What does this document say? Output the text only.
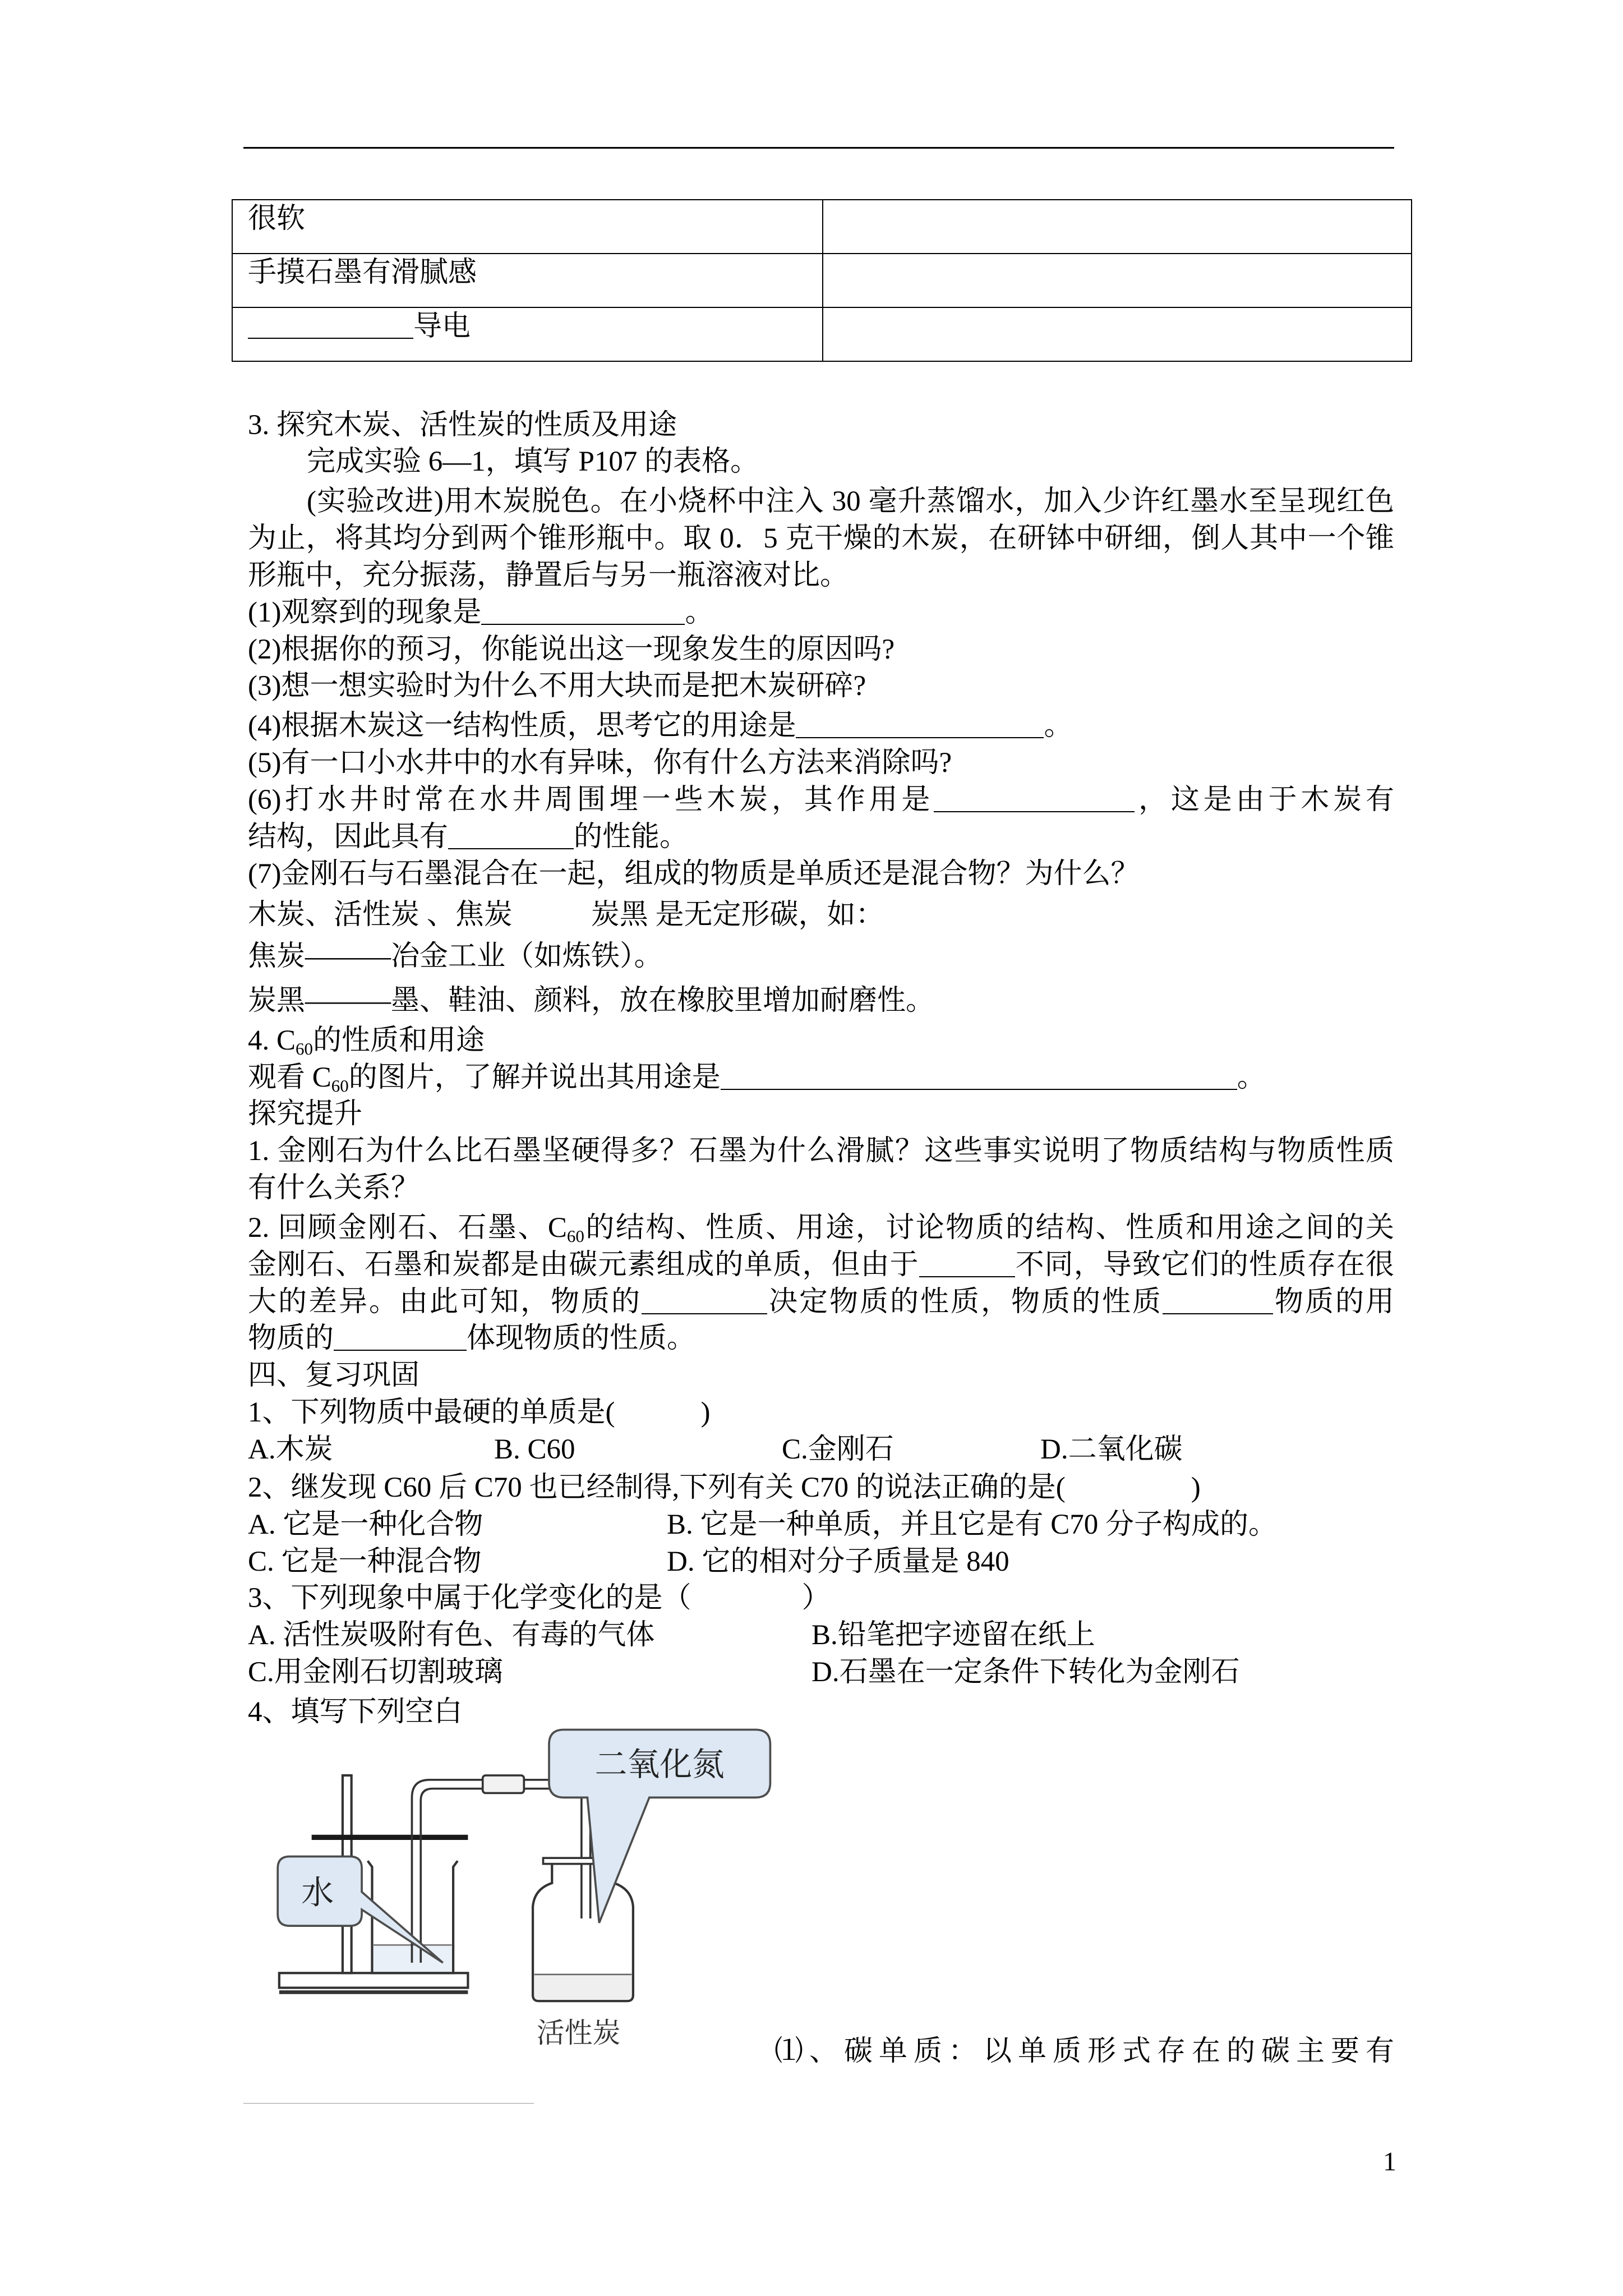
很软	
手摸石墨有滑腻感	
导电	
3. 探究木炭、活性炭的性质及用途
完成实验 6—1，填写 P107 的表格。
(实验改进)用木炭脱色。在小烧杯中注入 30 毫升蒸馏水，加入少许红墨水至呈现红色
为止，将其均分到两个锥形瓶中。取 0．5 克干燥的木炭，在研钵中研细，倒人其中一个锥
形瓶中，充分振荡，静置后与另一瓶溶液对比。
(1)观察到的现象是	。
(2)根据你的预习，你能说出这一现象发生的原因吗?
(3)想一想实验时为什么不用大块而是把木炭研碎?
(4)根据木炭这一结构性质，思考它的用途是	。
(5)有一口小水井中的水有异味，你有什么方法来消除吗?
(6)打水井时常在水井周围埋一些木炭，其作用是	，这是由于木炭有
结构，因此具有	的性能。
(7)金刚石与石墨混合在一起，组成的物质是单质还是混合物？为什么？
木炭、活性炭 、焦炭	炭黑 是无定形碳，如：
焦炭———冶金工业（如炼铁）。
炭黑———墨、鞋油、颜料，放在橡胶里增加耐磨性。
4. $C_{60}$的性质和用途
观看 $C_{60}$的图片，了解并说出其用途是	。
探究提升
1. 金刚石为什么比石墨坚硬得多？石墨为什么滑腻？这些事实说明了物质结构与物质性质
有什么关系？
2. 回顾金刚石、石墨、$C_{60}$的结构、性质、用途，讨论物质的结构、性质和用途之间的关
金刚石、石墨和炭都是由碳元素组成的单质，但由于	不同，导致它们的性质存在很
大的差异。由此可知，物质的	决定物质的性质，物质的性质	物质的用
物质的	体现物质的性质。
四、复习巩固
1、下列物质中最硬的单质是(	)
A.木炭	B. C60	C.金刚石	D.二氧化碳
2、继发现 C60 后 C70 也已经制得,下列有关 C70 的说法正确的是(	)
A. 它是一种化合物	B. 它是一种单质，并且它是有 C70 分子构成的。
C. 它是一种混合物	D. 它的相对分子质量是 840
3、下列现象中属于化学变化的是（	）
A. 活性炭吸附有色、有毒的气体	B.铅笔把字迹留在纸上
C.用金刚石切割玻璃	D.石墨在一定条件下转化为金刚石
4、填写下列空白
二氧化氮
水
活性炭
⑴、碳单质：以单质形式存在的碳主要有
1
